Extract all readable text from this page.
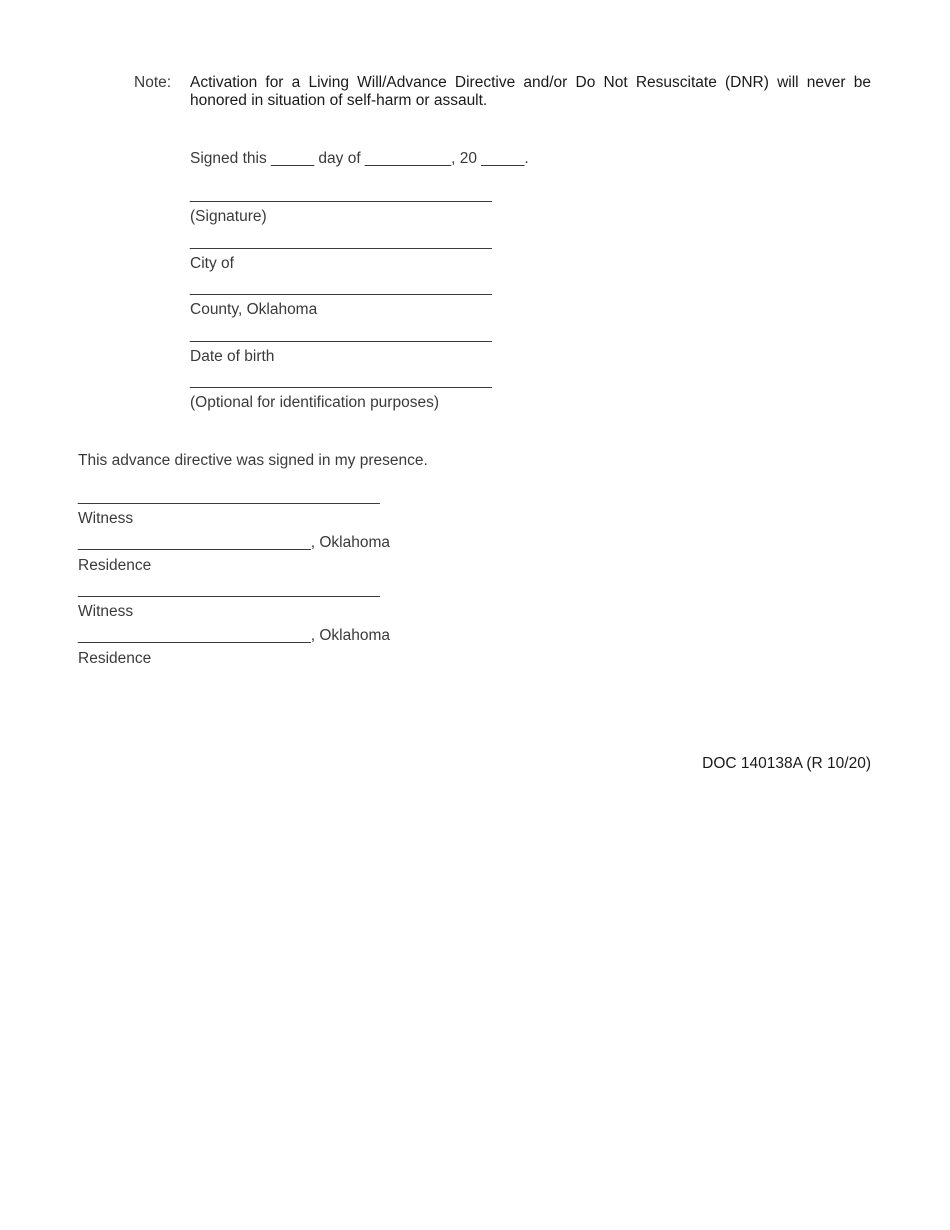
Note: Activation for a Living Will/Advance Directive and/or Do Not Resuscitate (DNR) will never be honored in situation of self-harm or assault.
Signed this _____ day of __________, 20 _____.
___________________________________
(Signature)
___________________________________
City of
___________________________________
County, Oklahoma
___________________________________
Date of birth
___________________________________
(Optional for identification purposes)
This advance directive was signed in my presence.
___________________________________
Witness
___________________________, Oklahoma
Residence
___________________________________
Witness
___________________________, Oklahoma
Residence
DOC 140138A (R 10/20)
